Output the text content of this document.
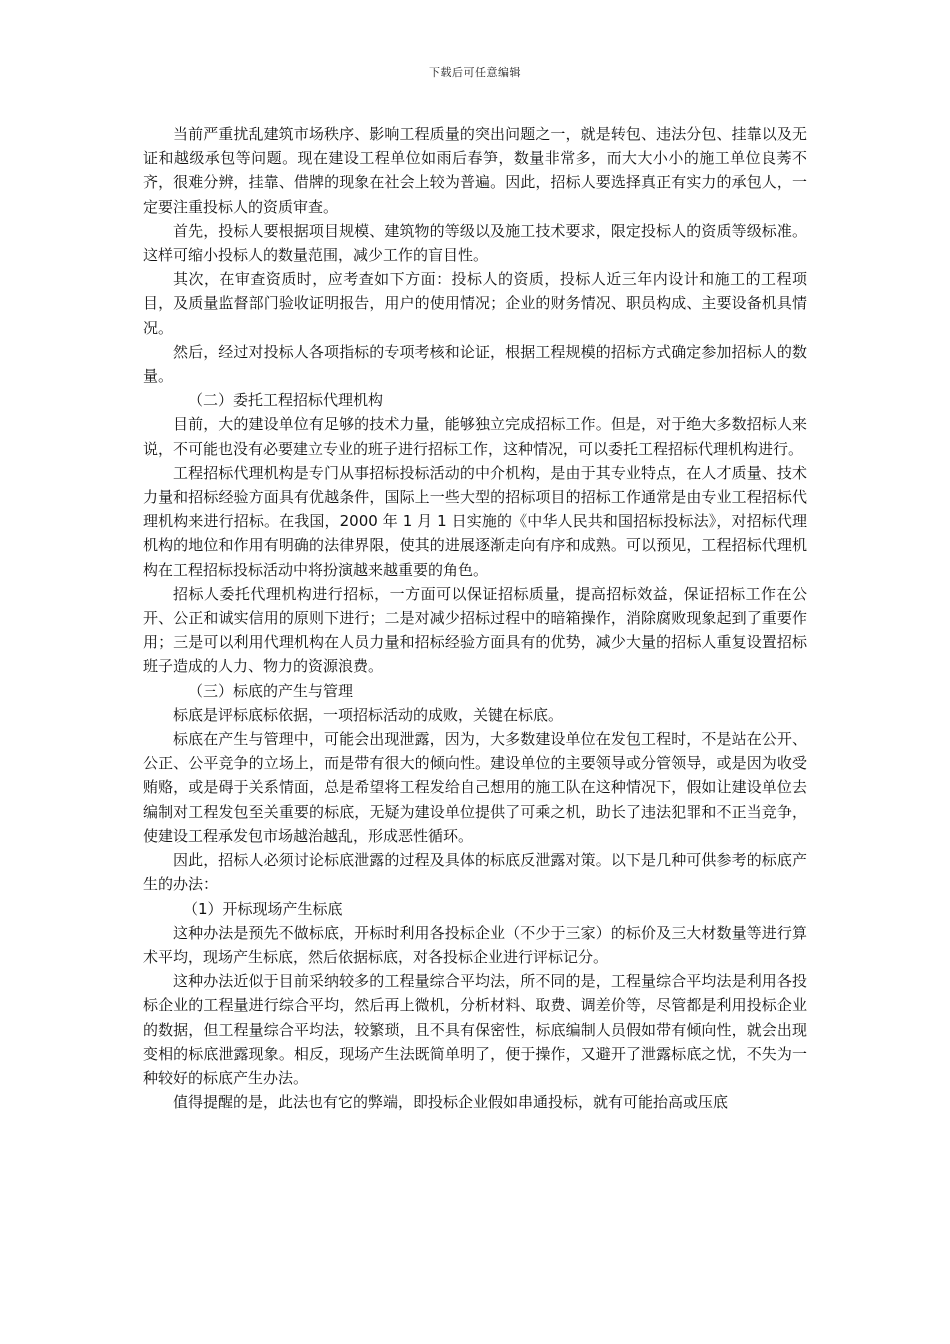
下载后可任意编辑

当前严重扰乱建筑市场秩序、影响工程质量的突出问题之一，就是转包、违法分包、挂靠以及无证和越级承包等问题。现在建设工程单位如雨后春笋，数量非常多，而大大小小的施工单位良莠不齐，很难分辨，挂靠、借牌的现象在社会上较为普遍。因此，招标人要选择真正有实力的承包人，一定要注重投标人的资质审查。

首先，投标人要根据项目规模、建筑物的等级以及施工技术要求，限定投标人的资质等级标准。这样可缩小投标人的数量范围，减少工作的盲目性。

其次，在审查资质时，应考查如下方面：投标人的资质，投标人近三年内设计和施工的工程项目，及质量监督部门验收证明报告，用户的使用情况；企业的财务情况、职员构成、主要设备机具情况。

然后，经过对投标人各项指标的专项考核和论证，根据工程规模的招标方式确定参加招标人的数量。

（二）委托工程招标代理机构

目前，大的建设单位有足够的技术力量，能够独立完成招标工作。但是，对于绝大多数招标人来说，不可能也没有必要建立专业的班子进行招标工作，这种情况，可以委托工程招标代理机构进行。

工程招标代理机构是专门从事招标投标活动的中介机构，是由于其专业特点，在人才质量、技术力量和招标经验方面具有优越条件，国际上一些大型的招标项目的招标工作通常是由专业工程招标代理机构来进行招标。在我国，2000 年 1 月 1 日实施的《中华人民共和国招标投标法》，对招标代理机构的地位和作用有明确的法律界限，使其的进展逐渐走向有序和成熟。可以预见，工程招标代理机构在工程招标投标活动中将扮演越来越重要的角色。

招标人委托代理机构进行招标，一方面可以保证招标质量，提高招标效益，保证招标工作在公开、公正和诚实信用的原则下进行；二是对减少招标过程中的暗箱操作，消除腐败现象起到了重要作用；三是可以利用代理机构在人员力量和招标经验方面具有的优势，减少大量的招标人重复设置招标班子造成的人力、物力的资源浪费。

（三）标底的产生与管理

标底是评标底标依据，一项招标活动的成败，关键在标底。

标底在产生与管理中，可能会出现泄露，因为，大多数建设单位在发包工程时，不是站在公开、公正、公平竞争的立场上，而是带有很大的倾向性。建设单位的主要领导或分管领导，或是因为收受贿赂，或是碍于关系情面，总是希望将工程发给自己想用的施工队在这种情况下，假如让建设单位去编制对工程发包至关重要的标底，无疑为建设单位提供了可乘之机，助长了违法犯罪和不正当竞争，使建设工程承发包市场越治越乱，形成恶性循环。

因此，招标人必须讨论标底泄露的过程及具体的标底反泄露对策。以下是几种可供参考的标底产生的办法：

（1）开标现场产生标底

这种办法是预先不做标底，开标时利用各投标企业（不少于三家）的标价及三大材数量等进行算术平均，现场产生标底，然后依据标底，对各投标企业进行评标记分。

这种办法近似于目前采纳较多的工程量综合平均法，所不同的是，工程量综合平均法是利用各投标企业的工程量进行综合平均，然后再上微机，分析材料、取费、调差价等，尽管都是利用投标企业的数据，但工程量综合平均法，较繁琐，且不具有保密性，标底编制人员假如带有倾向性，就会出现变相的标底泄露现象。相反，现场产生法既简单明了，便于操作，又避开了泄露标底之忧，不失为一种较好的标底产生办法。

值得提醒的是，此法也有它的弊端，即投标企业假如串通投标，就有可能抬高或压底
